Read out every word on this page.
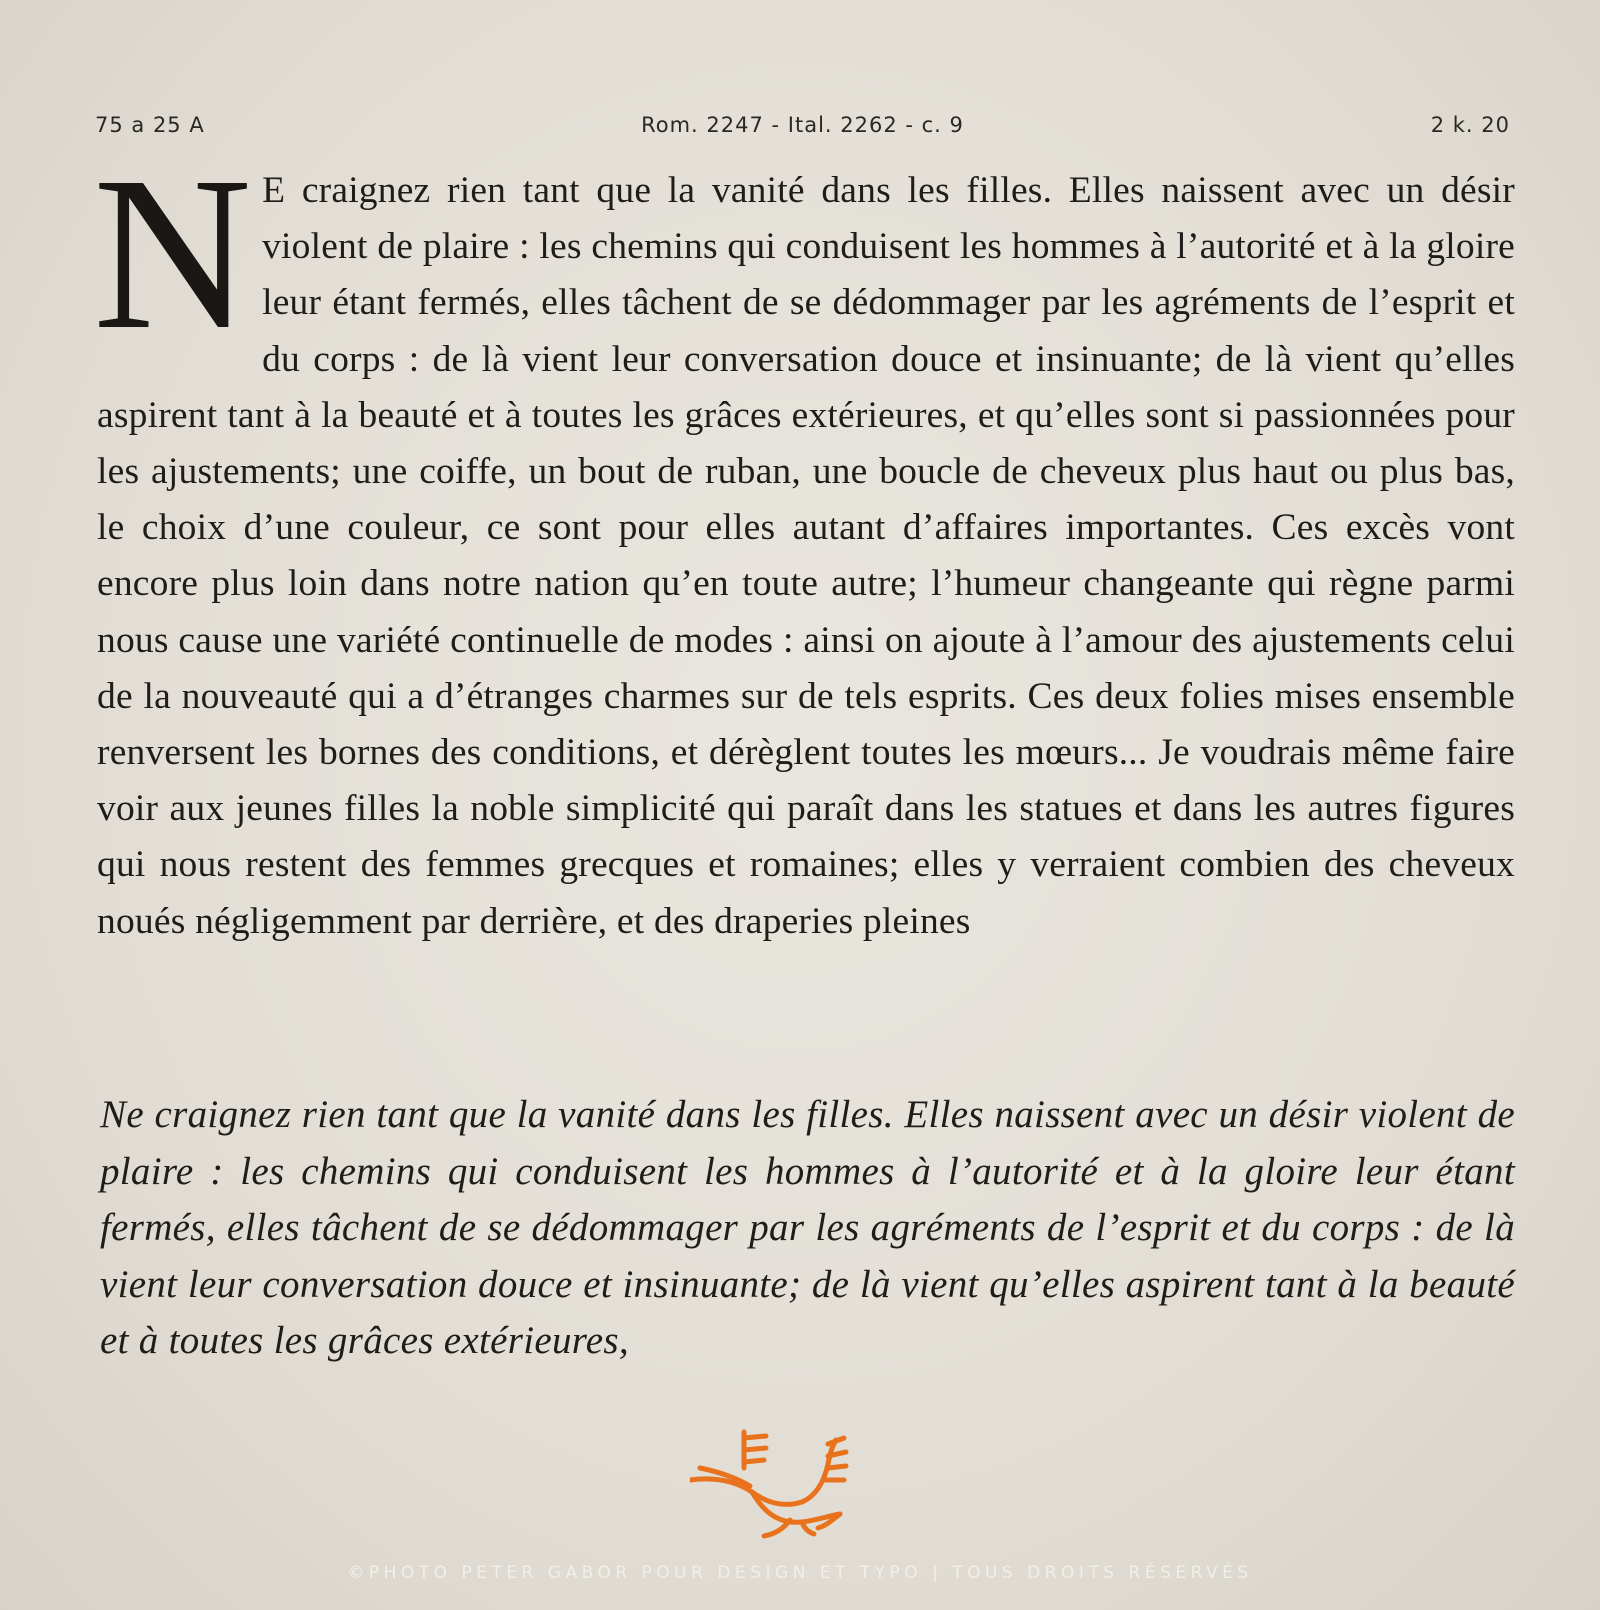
75 a 25 A	Rom. 2247 - Ital. 2262 - c. 9	2 k. 20

N E craignez rien tant que la vanité dans les filles. Elles naissent avec un désir violent de plaire : les chemins qui conduisent les hommes à l’autorité et à la gloire leur étant fermés, elles tâchent de se dédommager par les agréments de l’esprit et du corps : de là vient leur conversation douce et insinuante; de là vient qu’elles aspirent tant à la beauté et à toutes les grâces extérieures, et qu’elles sont si passionnées pour les ajustements; une coiffe, un bout de ruban, une boucle de cheveux plus haut ou plus bas, le choix d’une couleur, ce sont pour elles autant d’affaires importantes. Ces excès vont encore plus loin dans notre nation qu’en toute autre; l’humeur changeante qui règne parmi nous cause une variété continuelle de modes : ainsi on ajoute à l’amour des ajustements celui de la nouveauté qui a d’étranges charmes sur de tels esprits. Ces deux folies mises ensemble renversent les bornes des conditions, et dérèglent toutes les mœurs... Je voudrais même faire voir aux jeunes filles la noble simplicité qui paraît dans les statues et dans les autres figures qui nous restent des femmes grecques et romaines; elles y verraient combien des cheveux noués négligemment par derrière, et des draperies pleines

Ne craignez rien tant que la vanité dans les filles. Elles naissent avec un désir violent de plaire : les chemins qui conduisent les hommes à l’autorité et à la gloire leur étant fermés, elles tâchent de se dédommager par les agréments de l’esprit et du corps : de là vient leur conversation douce et insinuante; de là vient qu’elles aspirent tant à la beauté et à toutes les grâces extérieures,

©PHOTO PETER GABOR POUR DESIGN ET TYPO | TOUS DROITS RÉSERVÉS
